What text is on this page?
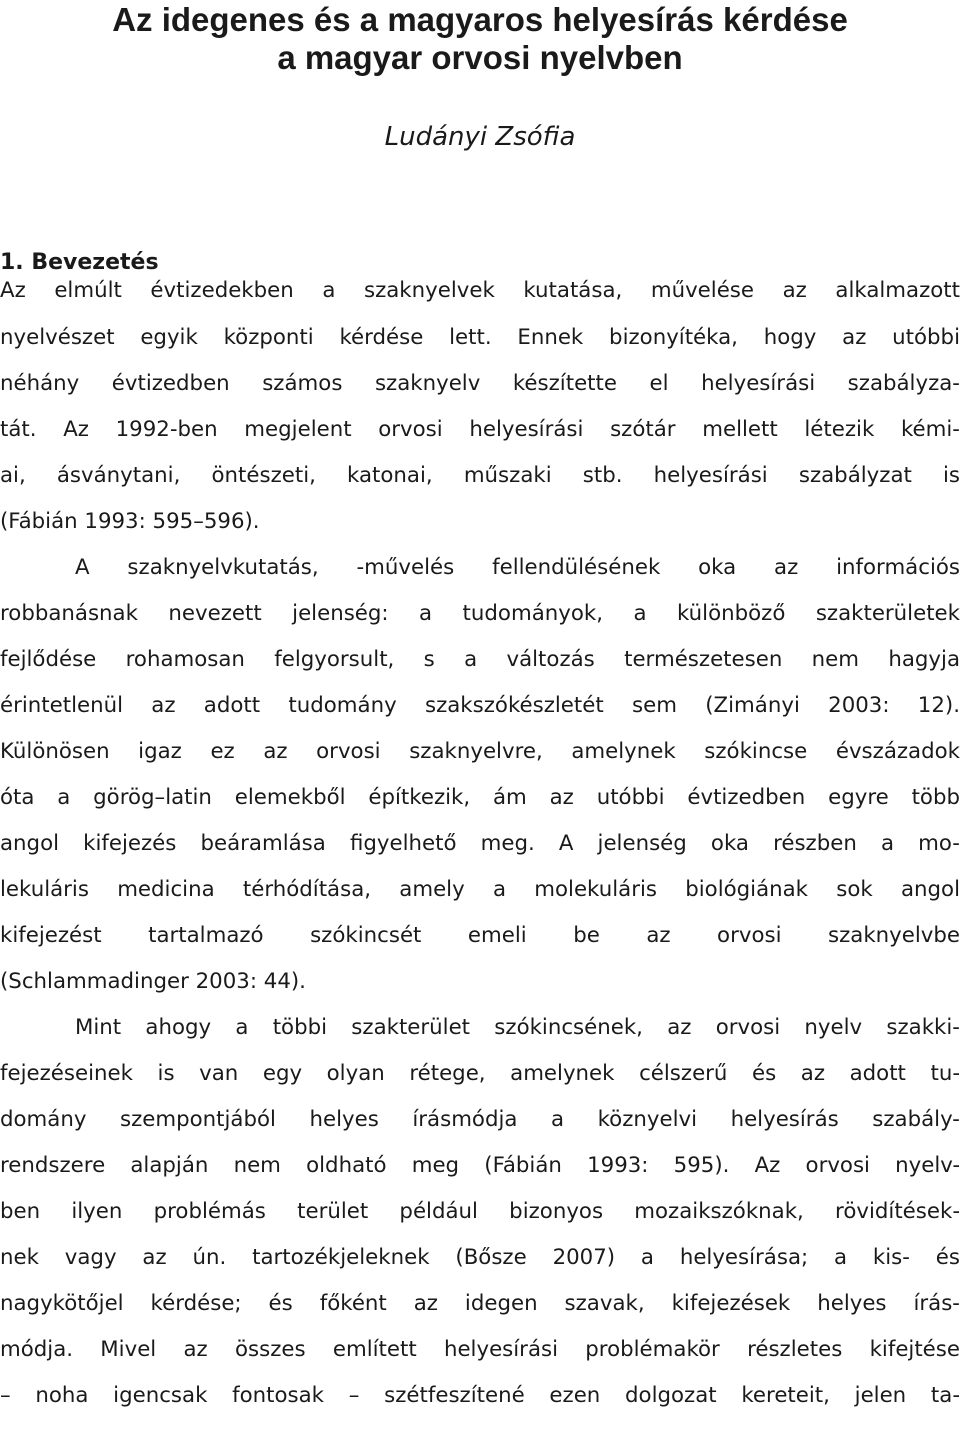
Az idegenes és a magyaros helyesírás kérdése
a magyar orvosi nyelvben
Ludányi Zsófia
1. Bevezetés
Az elmúlt évtizedekben a szaknyelvek kutatása, művelése az alkalmazott
nyelvészet egyik központi kérdése lett. Ennek bizonyítéka, hogy az utóbbi
néhány évtizedben számos szaknyelv készítette el helyesírási szabályza-
tát. Az 1992-ben megjelent orvosi helyesírási szótár mellett létezik kémi-
ai, ásványtani, öntészeti, katonai, műszaki stb. helyesírási szabályzat is
(Fábián 1993: 595–596).
A szaknyelvkutatás, -művelés fellendülésének oka az információs
robbanásnak nevezett jelenség: a tudományok, a különböző szakterületek
fejlődése rohamosan felgyorsult, s a változás természetesen nem hagyja
érintetlenül az adott tudomány szakszókészletét sem (Zimányi 2003: 12).
Különösen igaz ez az orvosi szaknyelvre, amelynek szókincse évszázadok
óta a görög–latin elemekből építkezik, ám az utóbbi évtizedben egyre több
angol kifejezés beáramlása figyelhető meg. A jelenség oka részben a mo-
lekuláris medicina térhódítása, amely a molekuláris biológiának sok angol
kifejezést tartalmazó szókincsét emeli be az orvosi szaknyelvbe
(Schlammadinger 2003: 44).
Mint ahogy a többi szakterület szókincsének, az orvosi nyelv szakki-
fejezéseinek is van egy olyan rétege, amelynek célszerű és az adott tu-
domány szempontjából helyes írásmódja a köznyelvi helyesírás szabály-
rendszere alapján nem oldható meg (Fábián 1993: 595). Az orvosi nyelv-
ben ilyen problémás terület például bizonyos mozaikszóknak, rövidítések-
nek vagy az ún. tartozékjeleknek (Bősze 2007) a helyesírása; a kis- és
nagykötőjel kérdése; és főként az idegen szavak, kifejezések helyes írás-
módja. Mivel az összes említett helyesírási problémakör részletes kifejtése
– noha igencsak fontosak – szétfeszítené ezen dolgozat kereteit, jelen ta-
